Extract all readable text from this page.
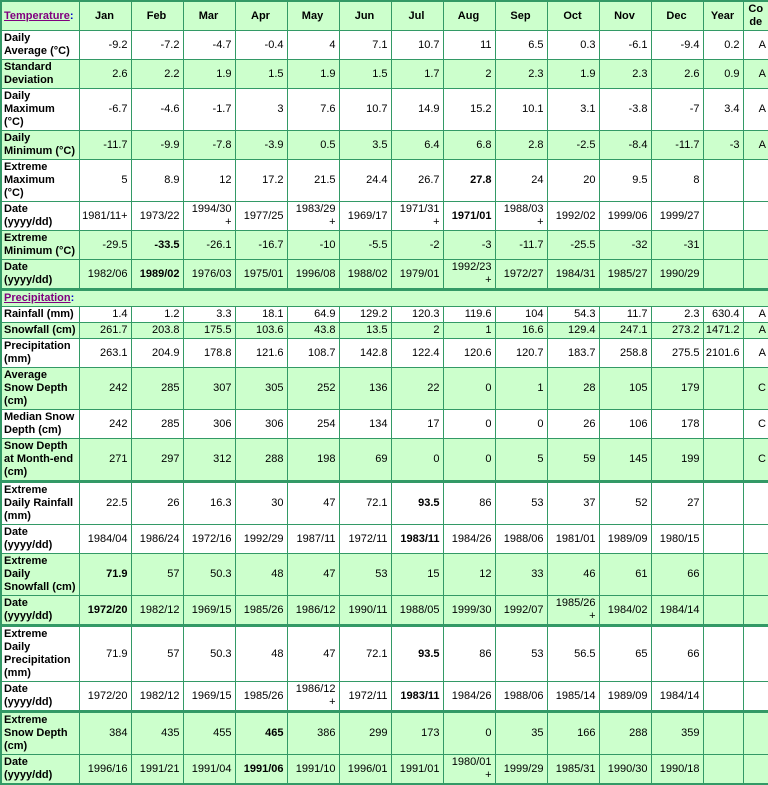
Temperature:	Jan	Feb	Mar	Apr	May	Jun	Jul	Aug	Sep	Oct	Nov	Dec	Year	Code
Daily Average (°C)	-9.2	-7.2	-4.7	-0.4	4	7.1	10.7	11	6.5	0.3	-6.1	-9.4	0.2	A
Standard Deviation	2.6	2.2	1.9	1.5	1.9	1.5	1.7	2	2.3	1.9	2.3	2.6	0.9	A
Daily Maximum (°C)	-6.7	-4.6	-1.7	3	7.6	10.7	14.9	15.2	10.1	3.1	-3.8	-7	3.4	A
Daily Minimum (°C)	-11.7	-9.9	-7.8	-3.9	0.5	3.5	6.4	6.8	2.8	-2.5	-8.4	-11.7	-3	A
Extreme Maximum (°C)	5	8.9	12	17.2	21.5	24.4	26.7	27.8	24	20	9.5	8		
Date (yyyy/dd)	1981/11+	1973/22	1994/30+	1977/25	1983/29+	1969/17	1971/31+	1971/01	1988/03+	1992/02	1999/06	1999/27		
Extreme Minimum (°C)	-29.5	-33.5	-26.1	-16.7	-10	-5.5	-2	-3	-11.7	-25.5	-32	-31		
Date (yyyy/dd)	1982/06	1989/02	1976/03	1975/01	1996/08	1988/02	1979/01	1992/23+	1972/27	1984/31	1985/27	1990/29		
Precipitation:														
Rainfall (mm)	1.4	1.2	3.3	18.1	64.9	129.2	120.3	119.6	104	54.3	11.7	2.3	630.4	A
Snowfall (cm)	261.7	203.8	175.5	103.6	43.8	13.5	2	1	16.6	129.4	247.1	273.2	1471.2	A
Precipitation (mm)	263.1	204.9	178.8	121.6	108.7	142.8	122.4	120.6	120.7	183.7	258.8	275.5	2101.6	A
Average Snow Depth (cm)	242	285	307	305	252	136	22	0	1	28	105	179		C
Median Snow Depth (cm)	242	285	306	306	254	134	17	0	0	26	106	178		C
Snow Depth at Month-end (cm)	271	297	312	288	198	69	0	0	5	59	145	199		C
Extreme Daily Rainfall (mm)	22.5	26	16.3	30	47	72.1	93.5	86	53	37	52	27		
Date (yyyy/dd)	1984/04	1986/24	1972/16	1992/29	1987/11	1972/11	1983/11	1984/26	1988/06	1981/01	1989/09	1980/15		
Extreme Daily Snowfall (cm)	71.9	57	50.3	48	47	53	15	12	33	46	61	66		
Date (yyyy/dd)	1972/20	1982/12	1969/15	1985/26	1986/12	1990/11	1988/05	1999/30	1992/07	1985/26+	1984/02	1984/14		
Extreme Daily Precipitation (mm)	71.9	57	50.3	48	47	72.1	93.5	86	53	56.5	65	66		
Date (yyyy/dd)	1972/20	1982/12	1969/15	1985/26	1986/12+	1972/11	1983/11	1984/26	1988/06	1985/14	1989/09	1984/14		
Extreme Snow Depth (cm)	384	435	455	465	386	299	173	0	35	166	288	359		
Date (yyyy/dd)	1996/16	1991/21	1991/04	1991/06	1991/10	1996/01	1991/01	1980/01+	1999/29	1985/31	1990/30	1990/18		
